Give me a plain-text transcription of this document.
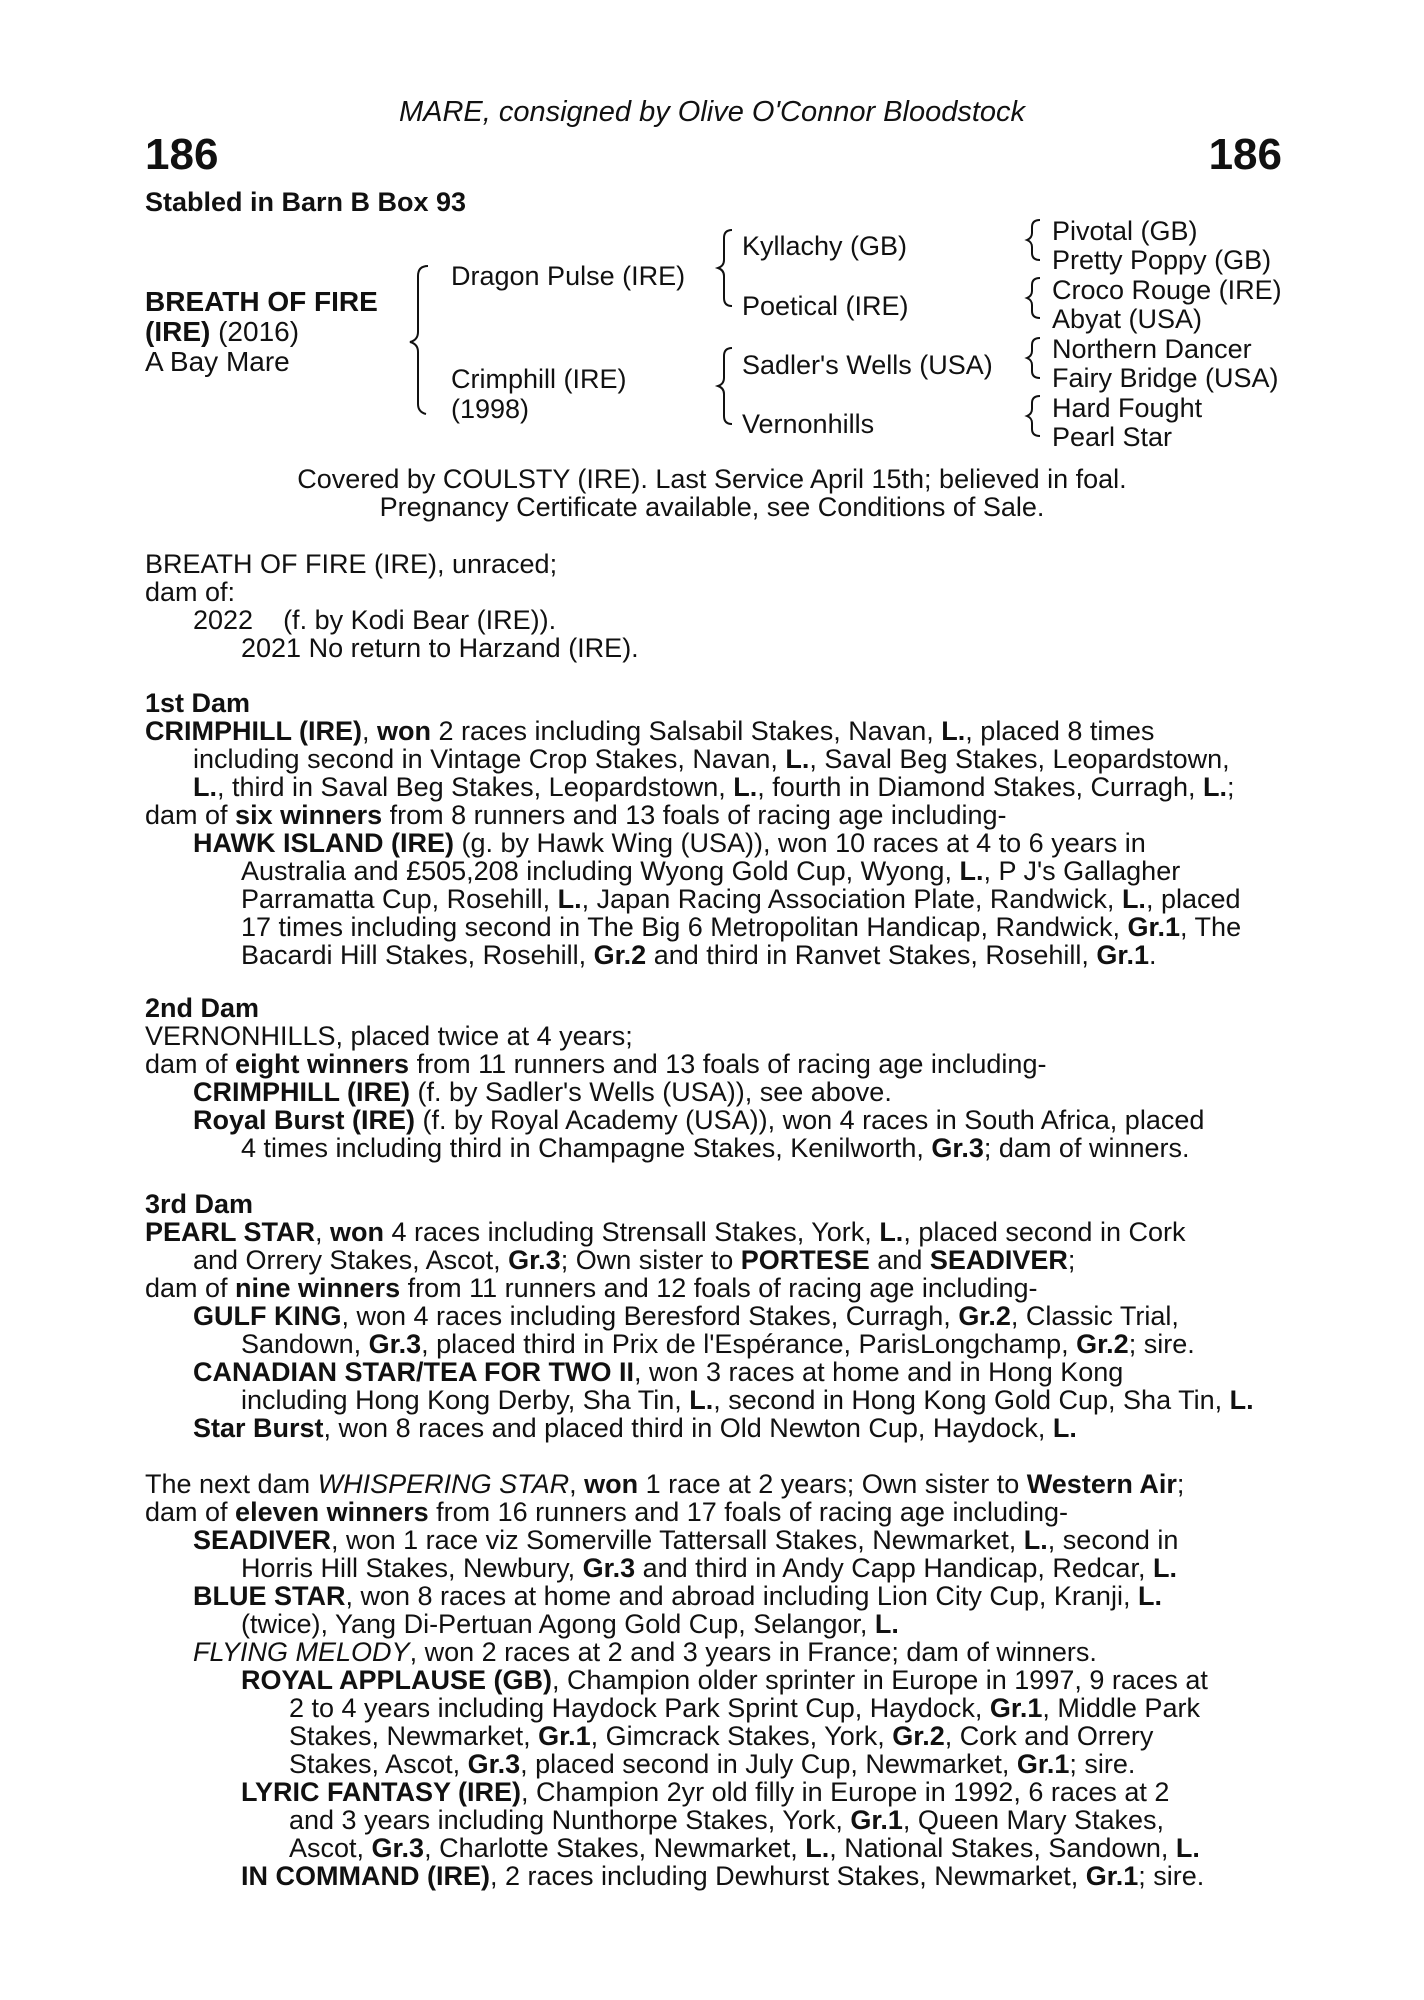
MARE, consigned by Olive O'Connor Bloodstock
186	186
Stabled in Barn B Box 93
BREATH OF FIRE
(IRE) (2016)
A Bay Mare
Dragon Pulse (IRE)
Crimphill (IRE)
(1998)
Kyllachy (GB)
Poetical (IRE)
Sadler's Wells (USA)
Vernonhills
Pivotal (GB)
Pretty Poppy (GB)
Croco Rouge (IRE)
Abyat (USA)
Northern Dancer
Fairy Bridge (USA)
Hard Fought
Pearl Star
Covered by COULSTY (IRE). Last Service April 15th; believed in foal.
Pregnancy Certificate available, see Conditions of Sale.
BREATH OF FIRE (IRE), unraced;
dam of:
2022    (f. by Kodi Bear (IRE)).
2021 No return to Harzand (IRE).
1st Dam
CRIMPHILL (IRE), won 2 races including Salsabil Stakes, Navan, L., placed 8 times
including second in Vintage Crop Stakes, Navan, L., Saval Beg Stakes, Leopardstown,
L., third in Saval Beg Stakes, Leopardstown, L., fourth in Diamond Stakes, Curragh, L.;
dam of six winners from 8 runners and 13 foals of racing age including-
HAWK ISLAND (IRE) (g. by Hawk Wing (USA)), won 10 races at 4 to 6 years in
Australia and £505,208 including Wyong Gold Cup, Wyong, L., P J's Gallagher
Parramatta Cup, Rosehill, L., Japan Racing Association Plate, Randwick, L., placed
17 times including second in The Big 6 Metropolitan Handicap, Randwick, Gr.1, The
Bacardi Hill Stakes, Rosehill, Gr.2 and third in Ranvet Stakes, Rosehill, Gr.1.
2nd Dam
VERNONHILLS, placed twice at 4 years;
dam of eight winners from 11 runners and 13 foals of racing age including-
CRIMPHILL (IRE) (f. by Sadler's Wells (USA)), see above.
Royal Burst (IRE) (f. by Royal Academy (USA)), won 4 races in South Africa, placed
4 times including third in Champagne Stakes, Kenilworth, Gr.3; dam of winners.
3rd Dam
PEARL STAR, won 4 races including Strensall Stakes, York, L., placed second in Cork
and Orrery Stakes, Ascot, Gr.3; Own sister to PORTESE and SEADIVER;
dam of nine winners from 11 runners and 12 foals of racing age including-
GULF KING, won 4 races including Beresford Stakes, Curragh, Gr.2, Classic Trial,
Sandown, Gr.3, placed third in Prix de l'Espérance, ParisLongchamp, Gr.2; sire.
CANADIAN STAR/TEA FOR TWO II, won 3 races at home and in Hong Kong
including Hong Kong Derby, Sha Tin, L., second in Hong Kong Gold Cup, Sha Tin, L.
Star Burst, won 8 races and placed third in Old Newton Cup, Haydock, L.
The next dam WHISPERING STAR, won 1 race at 2 years; Own sister to Western Air;
dam of eleven winners from 16 runners and 17 foals of racing age including-
SEADIVER, won 1 race viz Somerville Tattersall Stakes, Newmarket, L., second in
Horris Hill Stakes, Newbury, Gr.3 and third in Andy Capp Handicap, Redcar, L.
BLUE STAR, won 8 races at home and abroad including Lion City Cup, Kranji, L.
(twice), Yang Di-Pertuan Agong Gold Cup, Selangor, L.
FLYING MELODY, won 2 races at 2 and 3 years in France; dam of winners.
ROYAL APPLAUSE (GB), Champion older sprinter in Europe in 1997, 9 races at
2 to 4 years including Haydock Park Sprint Cup, Haydock, Gr.1, Middle Park
Stakes, Newmarket, Gr.1, Gimcrack Stakes, York, Gr.2, Cork and Orrery
Stakes, Ascot, Gr.3, placed second in July Cup, Newmarket, Gr.1; sire.
LYRIC FANTASY (IRE), Champion 2yr old filly in Europe in 1992, 6 races at 2
and 3 years including Nunthorpe Stakes, York, Gr.1, Queen Mary Stakes,
Ascot, Gr.3, Charlotte Stakes, Newmarket, L., National Stakes, Sandown, L.
IN COMMAND (IRE), 2 races including Dewhurst Stakes, Newmarket, Gr.1; sire.
